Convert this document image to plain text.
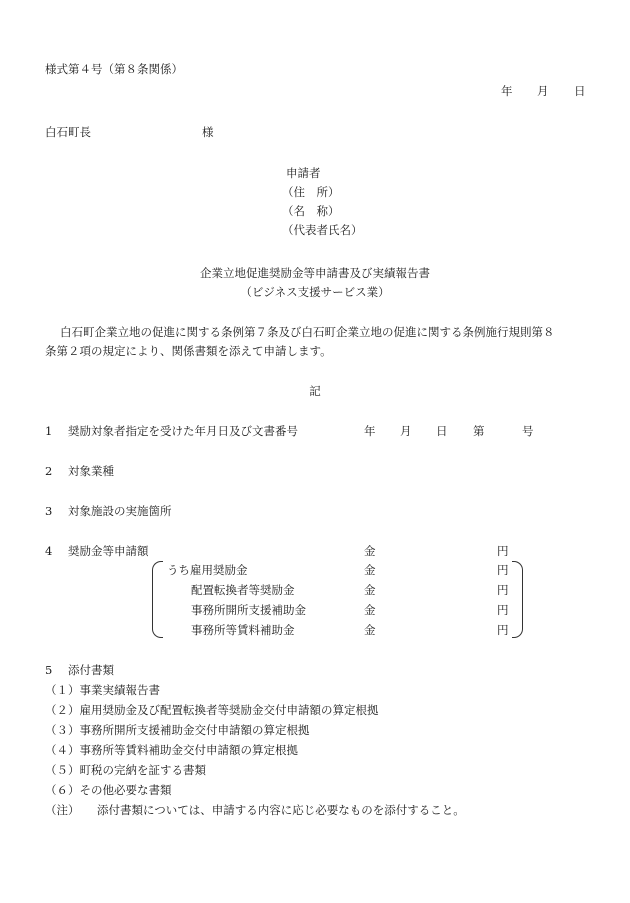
様式第４号（第８条関係）
年 月 日
白石町長	様
申請者
（住　所）
（名　称）
（代表者氏名）
企業立地促進奨励金等申請書及び実績報告書
（ビジネス支援サービス業）
白石町企業立地の促進に関する条例第７条及び白石町企業立地の促進に関する条例施行規則第８
条第２項の規定により、関係書類を添えて申請します。
記
1 奨励対象者指定を受けた年月日及び文書番号	年 月 日 第	号
2 対象業種
3 対象施設の実施箇所
4 奨励金等申請額	金	円
うち雇用奨励金	金	円
配置転換者等奨励金	金	円
事務所開所支援補助金	金	円
事務所等賃料補助金	金	円
5 添付書類
（１）事業実績報告書
（２）雇用奨励金及び配置転換者等奨励金交付申請額の算定根拠
（３）事務所開所支援補助金交付申請額の算定根拠
（４）事務所等賃料補助金交付申請額の算定根拠
（５）町税の完納を証する書類
（６）その他必要な書類
（注） 添付書類については、申請する内容に応じ必要なものを添付すること。
